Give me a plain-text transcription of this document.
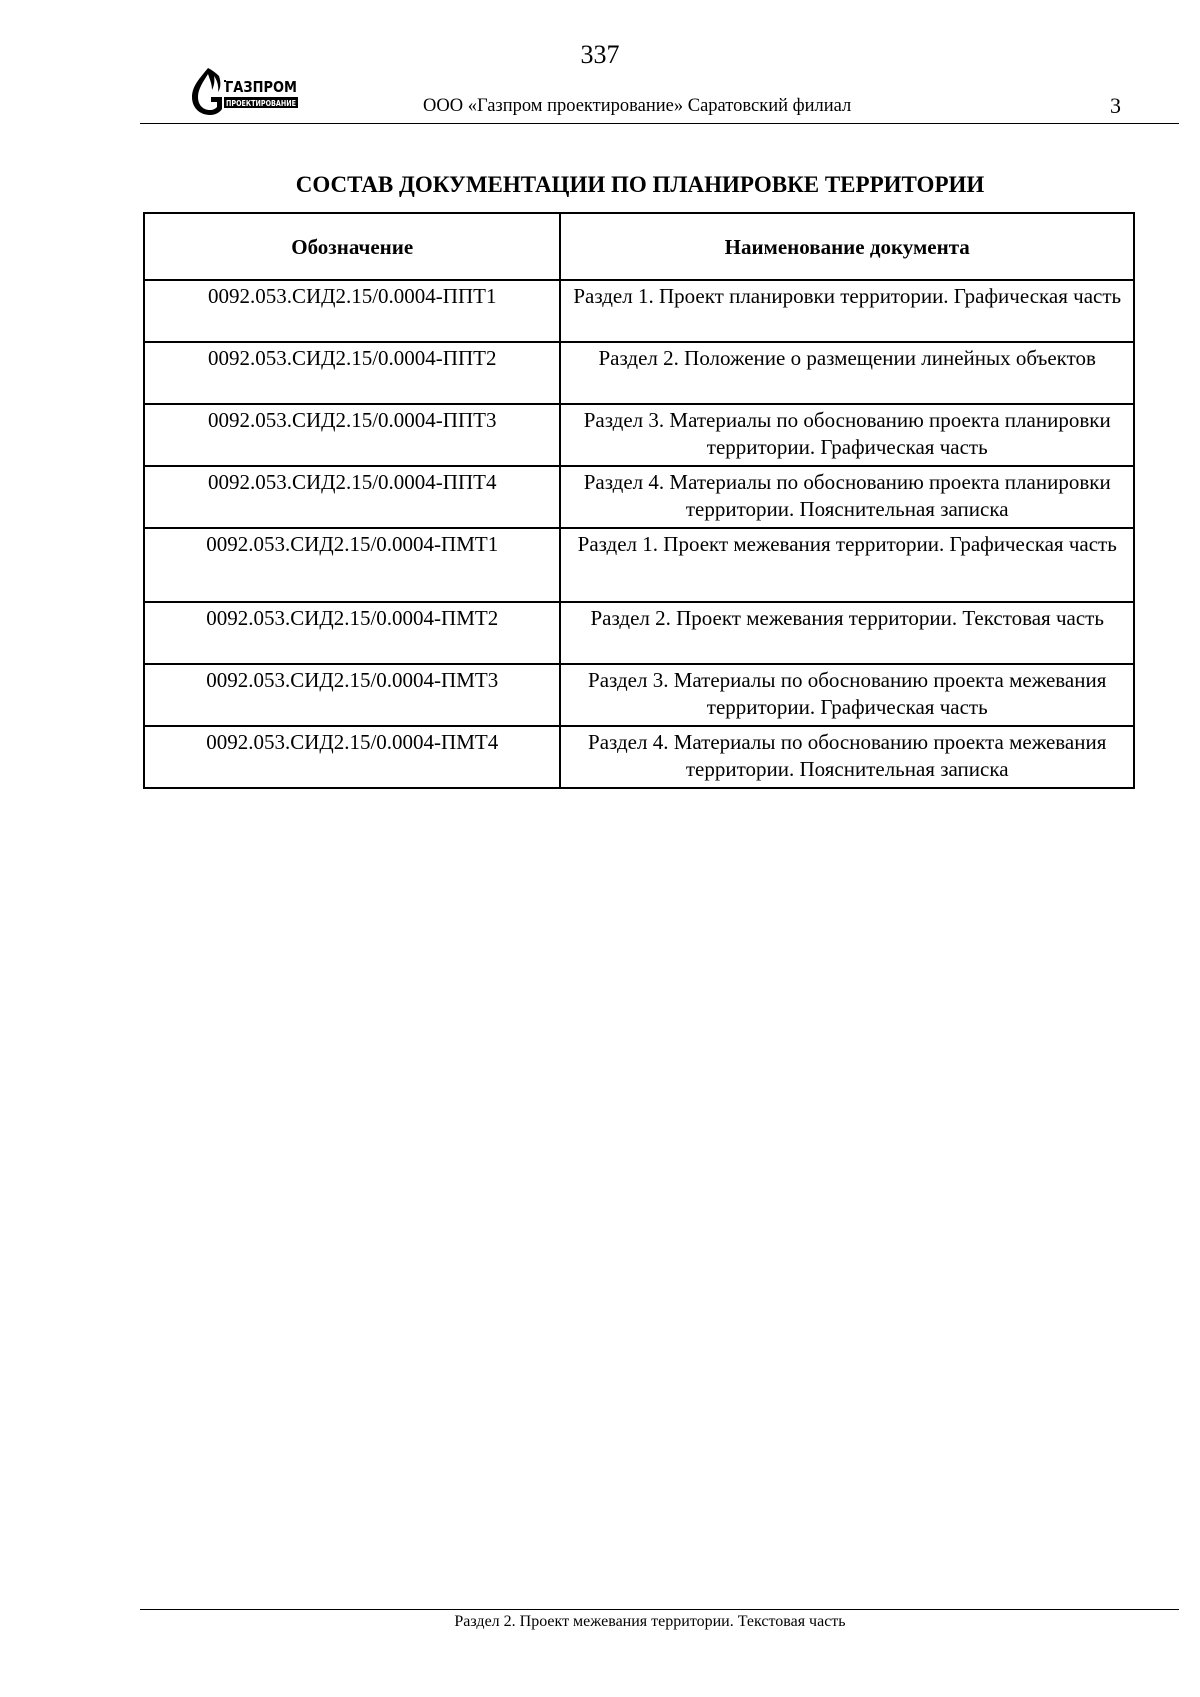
337
ГАЗПРОМ
ПРОЕКТИРОВАНИЕ	ООО «Газпром проектирование» Саратовский филиал	3
СОСТАВ ДОКУМЕНТАЦИИ ПО ПЛАНИРОВКЕ ТЕРРИТОРИИ
Обозначение	Наименование документа
0092.053.СИД2.15/0.0004-ППТ1	Раздел 1. Проект планировки территории. Графическая часть
0092.053.СИД2.15/0.0004-ППТ2	Раздел 2. Положение о размещении линейных объектов
0092.053.СИД2.15/0.0004-ППТ3	Раздел 3. Материалы по обоснованию проекта планировки территории. Графическая часть
0092.053.СИД2.15/0.0004-ППТ4	Раздел 4. Материалы по обоснованию проекта планировки территории. Пояснительная записка
0092.053.СИД2.15/0.0004-ПМТ1	Раздел 1. Проект межевания территории. Графическая часть
0092.053.СИД2.15/0.0004-ПМТ2	Раздел 2. Проект межевания территории. Текстовая часть
0092.053.СИД2.15/0.0004-ПМТ3	Раздел 3. Материалы по обоснованию проекта межевания территории. Графическая часть
0092.053.СИД2.15/0.0004-ПМТ4	Раздел 4. Материалы по обоснованию проекта межевания территории. Пояснительная записка
Раздел 2. Проект межевания территории. Текстовая часть
